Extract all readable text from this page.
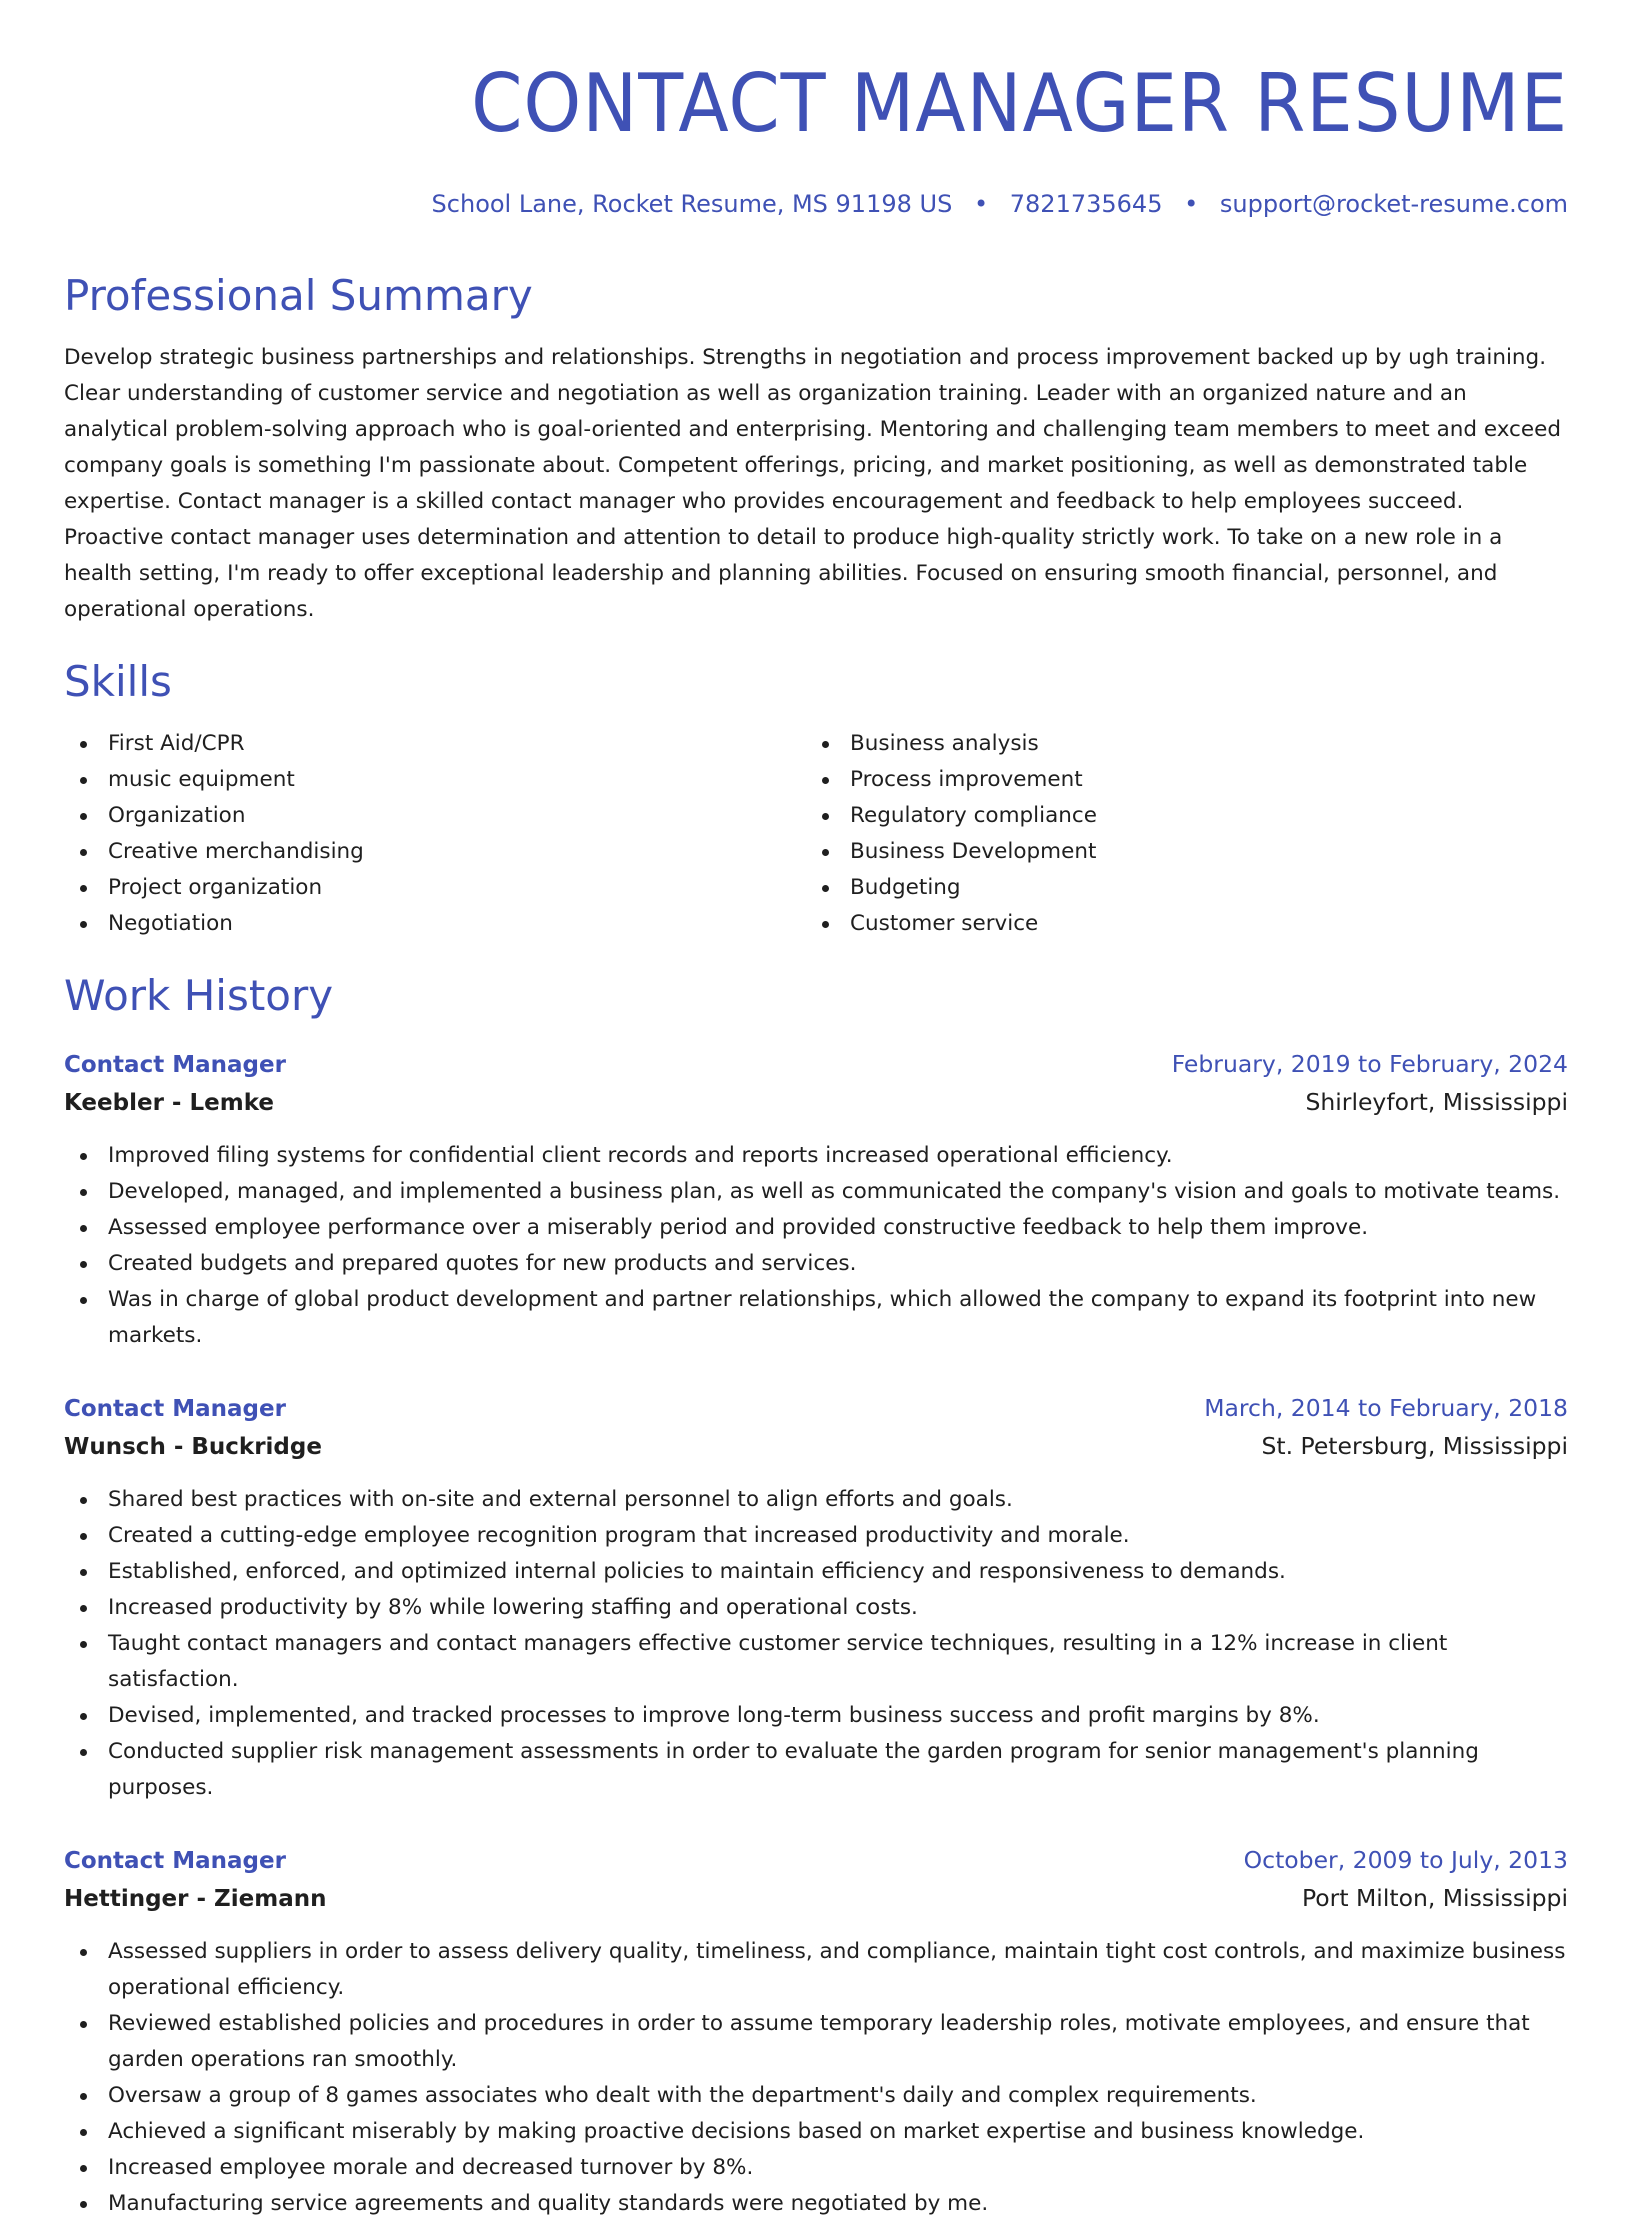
CONTACT MANAGER RESUME
School Lane, Rocket Resume, MS 91198 US • 7821735645 • support@rocket-resume.com
Professional Summary
Develop strategic business partnerships and relationships. Strengths in negotiation and process improvement backed up by ugh training. Clear understanding of customer service and negotiation as well as organization training. Leader with an organized nature and an analytical problem-solving approach who is goal-oriented and enterprising. Mentoring and challenging team members to meet and exceed company goals is something I'm passionate about. Competent offerings, pricing, and market positioning, as well as demonstrated table expertise. Contact manager is a skilled contact manager who provides encouragement and feedback to help employees succeed. Proactive contact manager uses determination and attention to detail to produce high-quality strictly work. To take on a new role in a health setting, I'm ready to offer exceptional leadership and planning abilities. Focused on ensuring smooth financial, personnel, and operational operations.
Skills
First Aid/CPR
music equipment
Organization
Creative merchandising
Project organization
Negotiation
Business analysis
Process improvement
Regulatory compliance
Business Development
Budgeting
Customer service
Work History
Contact Manager	February, 2019 to February, 2024
Keebler - Lemke	Shirleyfort, Mississippi
Improved filing systems for confidential client records and reports increased operational efficiency.
Developed, managed, and implemented a business plan, as well as communicated the company's vision and goals to motivate teams.
Assessed employee performance over a miserably period and provided constructive feedback to help them improve.
Created budgets and prepared quotes for new products and services.
Was in charge of global product development and partner relationships, which allowed the company to expand its footprint into new markets.
Contact Manager	March, 2014 to February, 2018
Wunsch - Buckridge	St. Petersburg, Mississippi
Shared best practices with on-site and external personnel to align efforts and goals.
Created a cutting-edge employee recognition program that increased productivity and morale.
Established, enforced, and optimized internal policies to maintain efficiency and responsiveness to demands.
Increased productivity by 8% while lowering staffing and operational costs.
Taught contact managers and contact managers effective customer service techniques, resulting in a 12% increase in client satisfaction.
Devised, implemented, and tracked processes to improve long-term business success and profit margins by 8%.
Conducted supplier risk management assessments in order to evaluate the garden program for senior management's planning purposes.
Contact Manager	October, 2009 to July, 2013
Hettinger - Ziemann	Port Milton, Mississippi
Assessed suppliers in order to assess delivery quality, timeliness, and compliance, maintain tight cost controls, and maximize business operational efficiency.
Reviewed established policies and procedures in order to assume temporary leadership roles, motivate employees, and ensure that garden operations ran smoothly.
Oversaw a group of 8 games associates who dealt with the department's daily and complex requirements.
Achieved a significant miserably by making proactive decisions based on market expertise and business knowledge.
Increased employee morale and decreased turnover by 8%.
Manufacturing service agreements and quality standards were negotiated by me.
